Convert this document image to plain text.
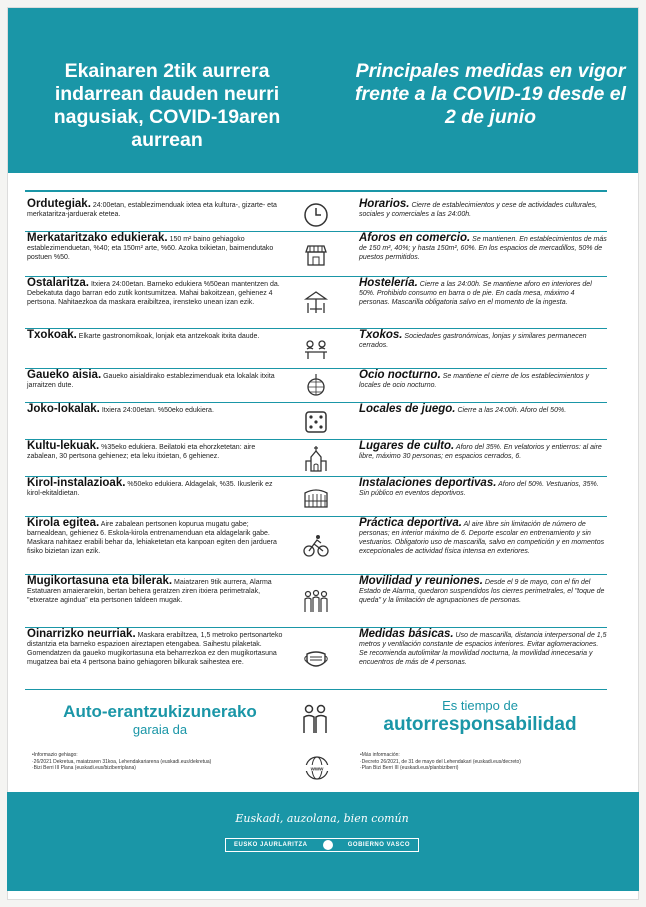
Ekainaren 2tik aurrera indarrean dauden neurri nagusiak, COVID-19aren aurrean
Principales medidas en vigor frente a la COVID-19 desde el 2 de junio
Ordutegiak. 24:00etan, establezimenduak ixtea eta kultura-, gizarte- eta merkataritza-jarduerak etetea.
Horarios. Cierre de establecimientos y cese de actividades culturales, sociales y comerciales a las 24:00h.
Merkataritzako edukierak. 150 m² baino gehiagoko establezimenduetan, %40; eta 150m² arte, %60. Azoka txikietan, baimendutako postuen %50.
Aforos en comercio. Se mantienen. En establecimientos de más de 150 m², 40%; y hasta 150m², 60%. En los espacios de mercadillos, 50% de puestos permitidos.
Ostalaritza. Itxiera 24:00etan. Barneko edukiera %50ean mantentzen da. Debekatuta dago barran edo zutik kontsumitzea. Mahai bakoitzean, gehienez 4 pertsona. Nahitaezkoa da maskara eraibiltzea, irensteko unean izan ezik.
Hostelería. Cierre a las 24:00h. Se mantiene aforo en interiores del 50%. Prohibido consumo en barra o de pie. En cada mesa, máximo 4 personas. Mascarilla obligatoria salvo en el momento de la ingesta.
Txokoak. Elkarte gastronomikoak, lonjak eta antzekoak itxita daude.	Txokos. Sociedades gastronómicas, lonjas y similares permanecen cerrados.
Gaueko aisia. Gaueko aisialdirako establezimenduak eta lokalak itxita jarraitzen dute.
Ocio nocturno. Se mantiene el cierre de los establecimientos y locales de ocio nocturno.
Joko-lokalak. Itxiera 24:00etan. %50eko edukiera.	Locales de juego. Cierre a las 24:00h. Aforo del 50%.
Kultu-lekuak. %35eko edukiera. Beilatoki eta ehorzketetan: aire zabalean, 30 pertsona gehienez; eta leku itxietan, 6 gehienez.
Lugares de culto. Aforo del 35%. En velatorios y entierros: al aire libre, máximo 30 personas; en espacios cerrados, 6.
Kirol-instalazioak. %50eko edukiera. Aldagelak, %35. Ikuslerik ez kirol-ekitaldietan.
Instalaciones deportivas. Aforo del 50%. Vestuarios, 35%. Sin público en eventos deportivos.
Kirola egitea. Aire zabalean pertsonen kopurua mugatu gabe; barnealdean, gehienez 6. Eskola-kirola entrenamenduan eta aldagelarik gabe. Maskara nahitaez erabili behar da, lehiaketetan eta kanpoan egiten den jarduera fisiko bizietan izan ezik.
Práctica deportiva. Al aire libre sin limitación de número de personas; en interior máximo de 6. Deporte escolar en entrenamiento y sin vestuarios. Obligatorio uso de mascarilla, salvo en competición y en momentos excepcionales de actividad física intensa en exteriores.
Mugikortasuna eta bilerak. Maiatzaren 9tik aurrera, Alarma Estatuaren amaierarekin, bertan behera geratzen ziren itxiera perimetralak, "etxeratze agindua" eta pertsonen taldeen mugak.
Movilidad y reuniones. Desde el 9 de mayo, con el fin del Estado de Alarma, quedaron suspendidos los cierres perimetrales, el "toque de queda" y la limitación de agrupaciones de personas.
Oinarrizko neurriak. Maskara erabiltzea, 1,5 metroko pertsonarteko distantzia eta barneko espazioen aireztapen etengabea. Saihestu pilaketak. Gomendatzen da gaueko mugikortasuna eta beharrezkoa ez den mugikortasuna mugatzea bai eta 4 pertsona baino gehiagoren bilkurak saihestea ere.
Medidas básicas. Uso de mascarilla, distancia interpersonal de 1,5 metros y ventilación constante de espacios interiores. Evitar aglomeraciones. Se recomienda autolimitar la movilidad nocturna, la movilidad innecesaria y encuentros de más de 4 personas.
Auto-erantzukizunerako
garaia da
Es tiempo de
autorresponsabilidad
•Informazio gehiago:
·26/2021 Dekretua, maiatzaren 31koa, Lehendakariarena (euskadi.eus/dekretua)
·Bizi Berri III Plana (euskadi.eus/biziberriplana)	www
•Más información:
·Decreto 26/2021, de 31 de mayo del Lehendakari (euskadi.eus/decreto)
·Plan Bizi Berri III (euskadi.eus/planbiziberri)
Euskadi, auzolana, bien común
EUSKO JAURLARITZA	GOBIERNO VASCO
